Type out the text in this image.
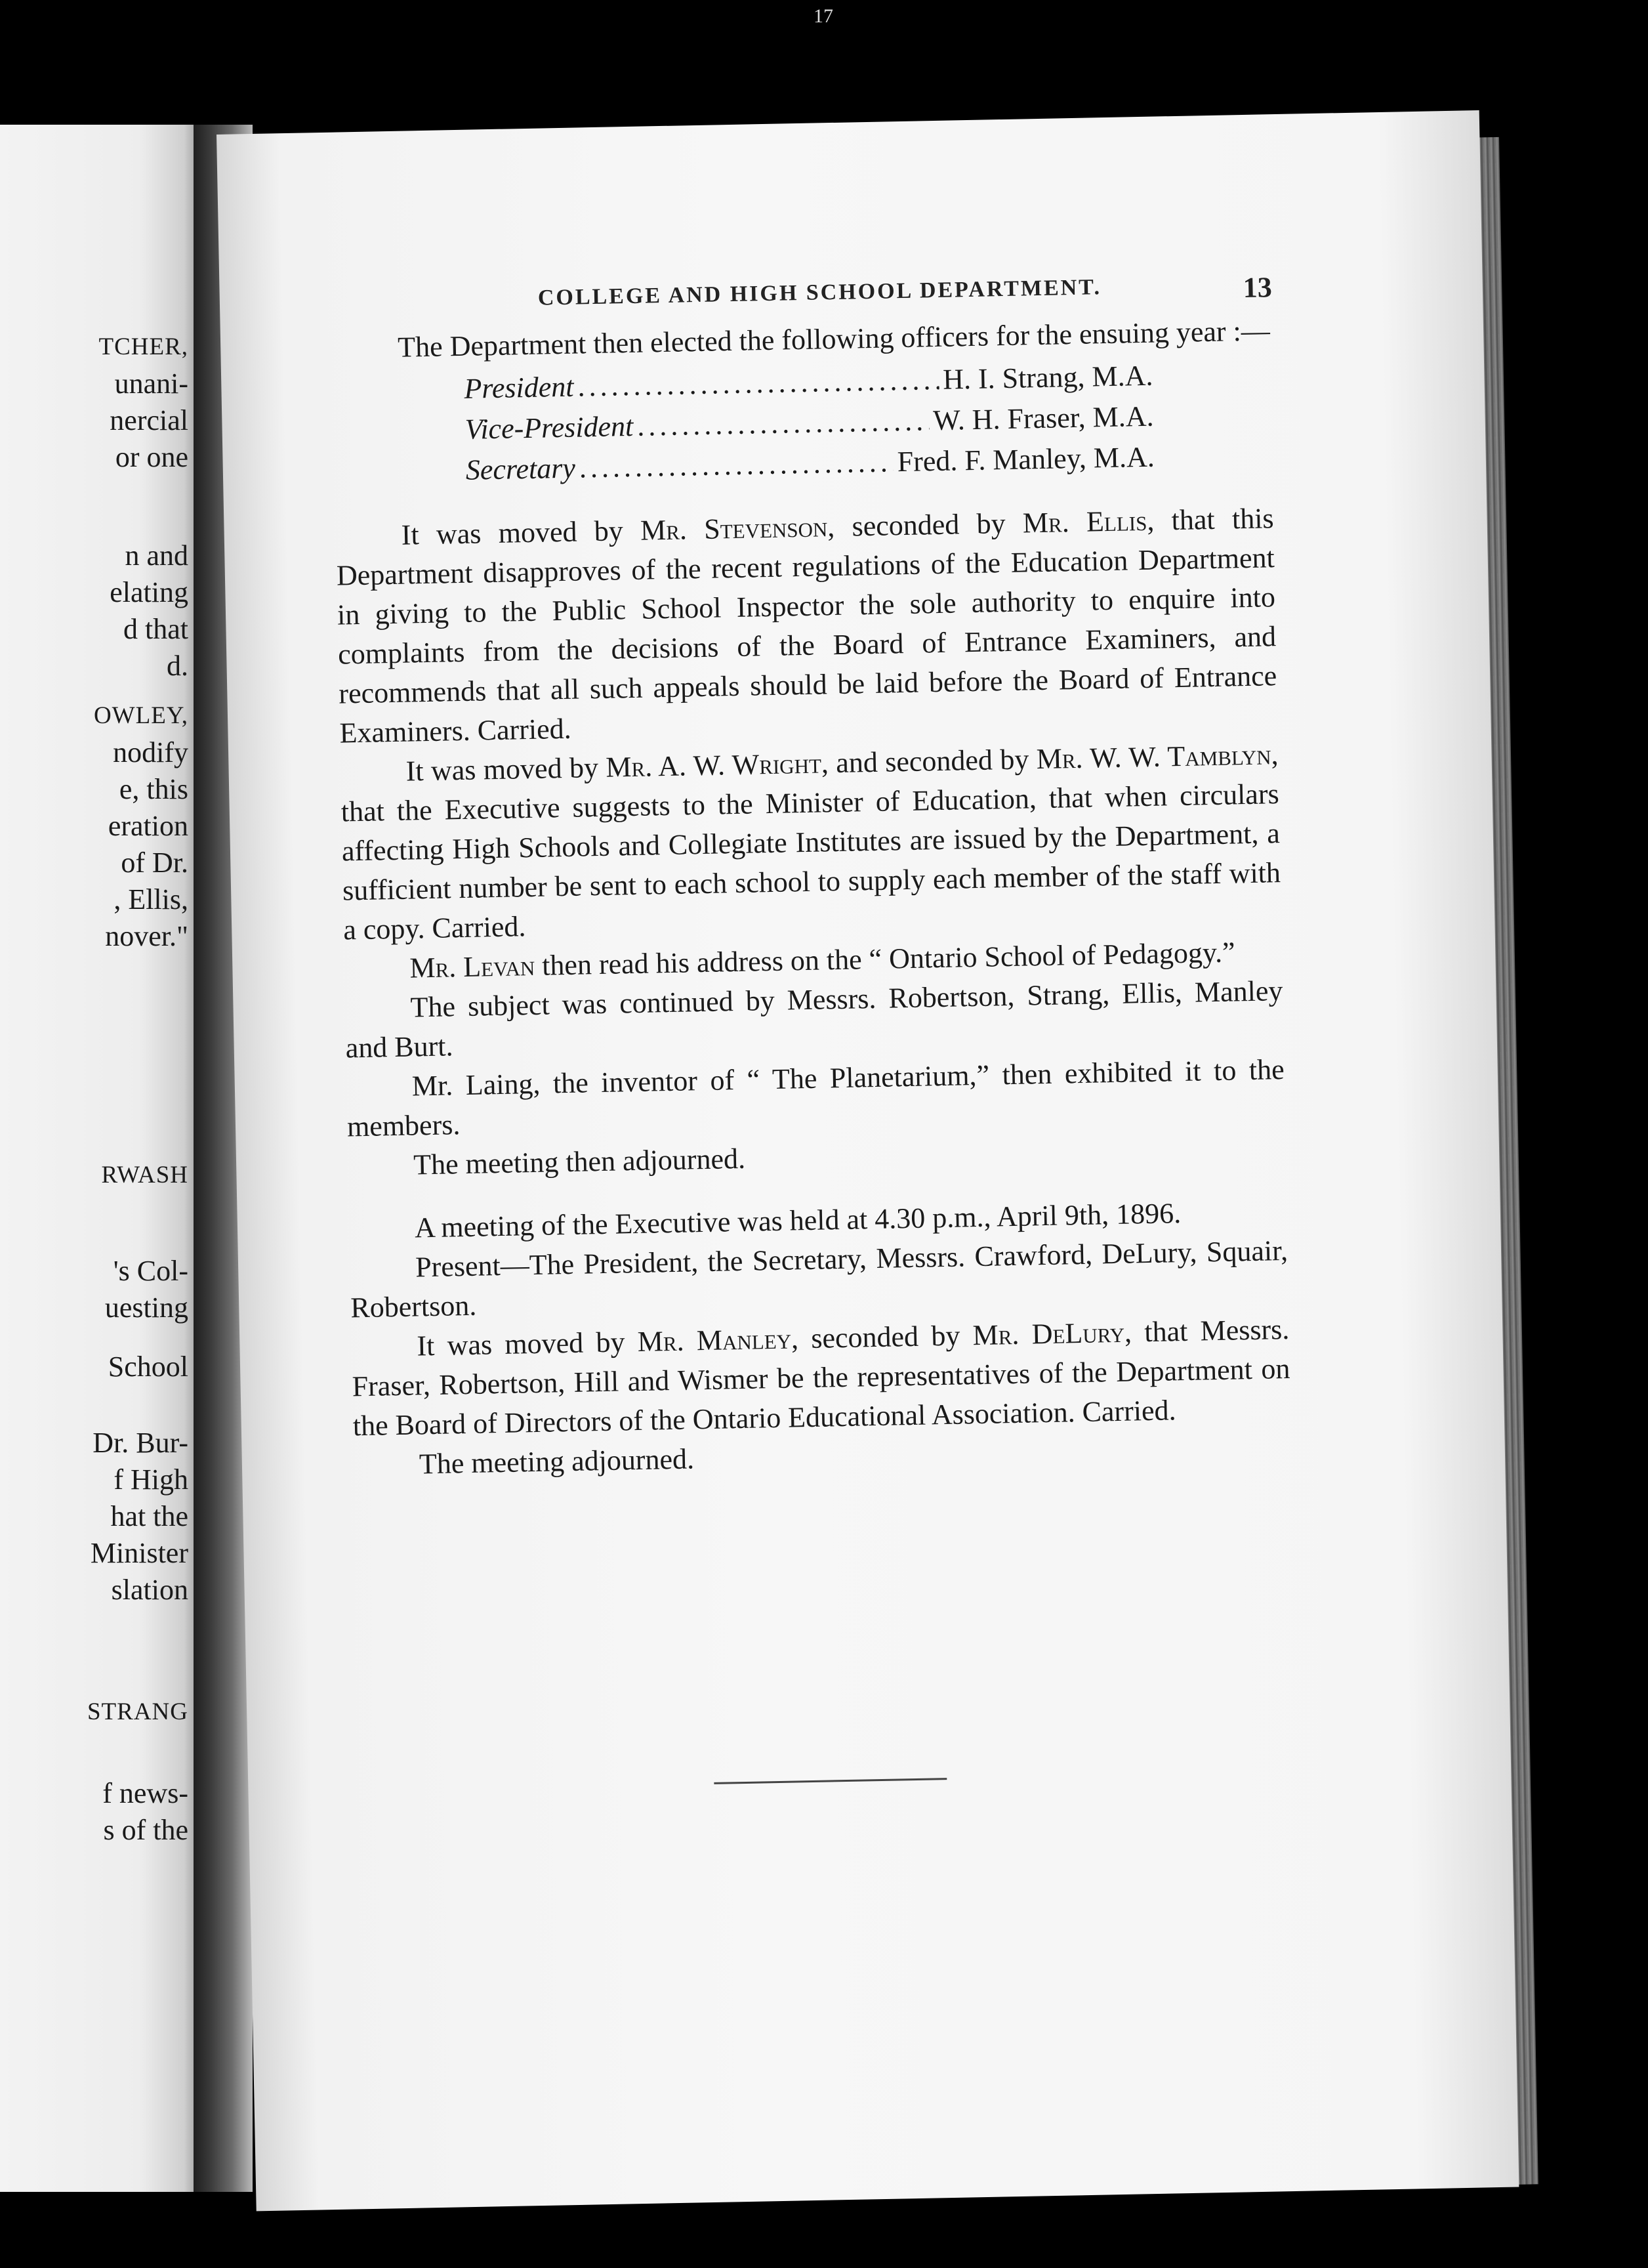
TCHER,
unani-
nercial
or one
n and
elating
d that
d.
OWLEY,
nodify
e, this
eration
of Dr.
, Ellis,
nover."
RWASH
's Col-
uesting
School
Dr. Bur-
f High
hat the
Minister
slation
STRANG
f news-
s of the
17
COLLEGE AND HIGH SCHOOL DEPARTMENT.	13

The Department then elected the following officers for the ensuing year :—

President .....	H. I. Strang, M.A.
Vice-President .....	W. H. Fraser, M.A.
Secretary .....	Fred. F. Manley, M.A.

It was moved by Mr. Stevenson, seconded by Mr. Ellis, that this Department disapproves of the recent regulations of the Education Department in giving to the Public School Inspector the sole authority to enquire into complaints from the decisions of the Board of Entrance Examiners, and recommends that all such appeals should be laid before the Board of Entrance Examiners. Carried.

It was moved by Mr. A. W. Wright, and seconded by Mr. W. W. Tamblyn, that the Executive suggests to the Minister of Education, that when circulars affecting High Schools and Collegiate Institutes are issued by the Department, a sufficient number be sent to each school to supply each member of the staff with a copy. Carried.

Mr. Levan then read his address on the “ Ontario School of Pedagogy.”

The subject was continued by Messrs. Robertson, Strang, Ellis, Manley and Burt.

Mr. Laing, the inventor of “ The Planetarium,” then exhibited it to the members.

The meeting then adjourned.

A meeting of the Executive was held at 4.30 p.m., April 9th, 1896.

Present—The President, the Secretary, Messrs. Crawford, DeLury, Squair, Robertson.

It was moved by Mr. Manley, seconded by Mr. DeLury, that Messrs. Fraser, Robertson, Hill and Wismer be the representatives of the Department on the Board of Directors of the Ontario Educational Association. Carried.

The meeting adjourned.
